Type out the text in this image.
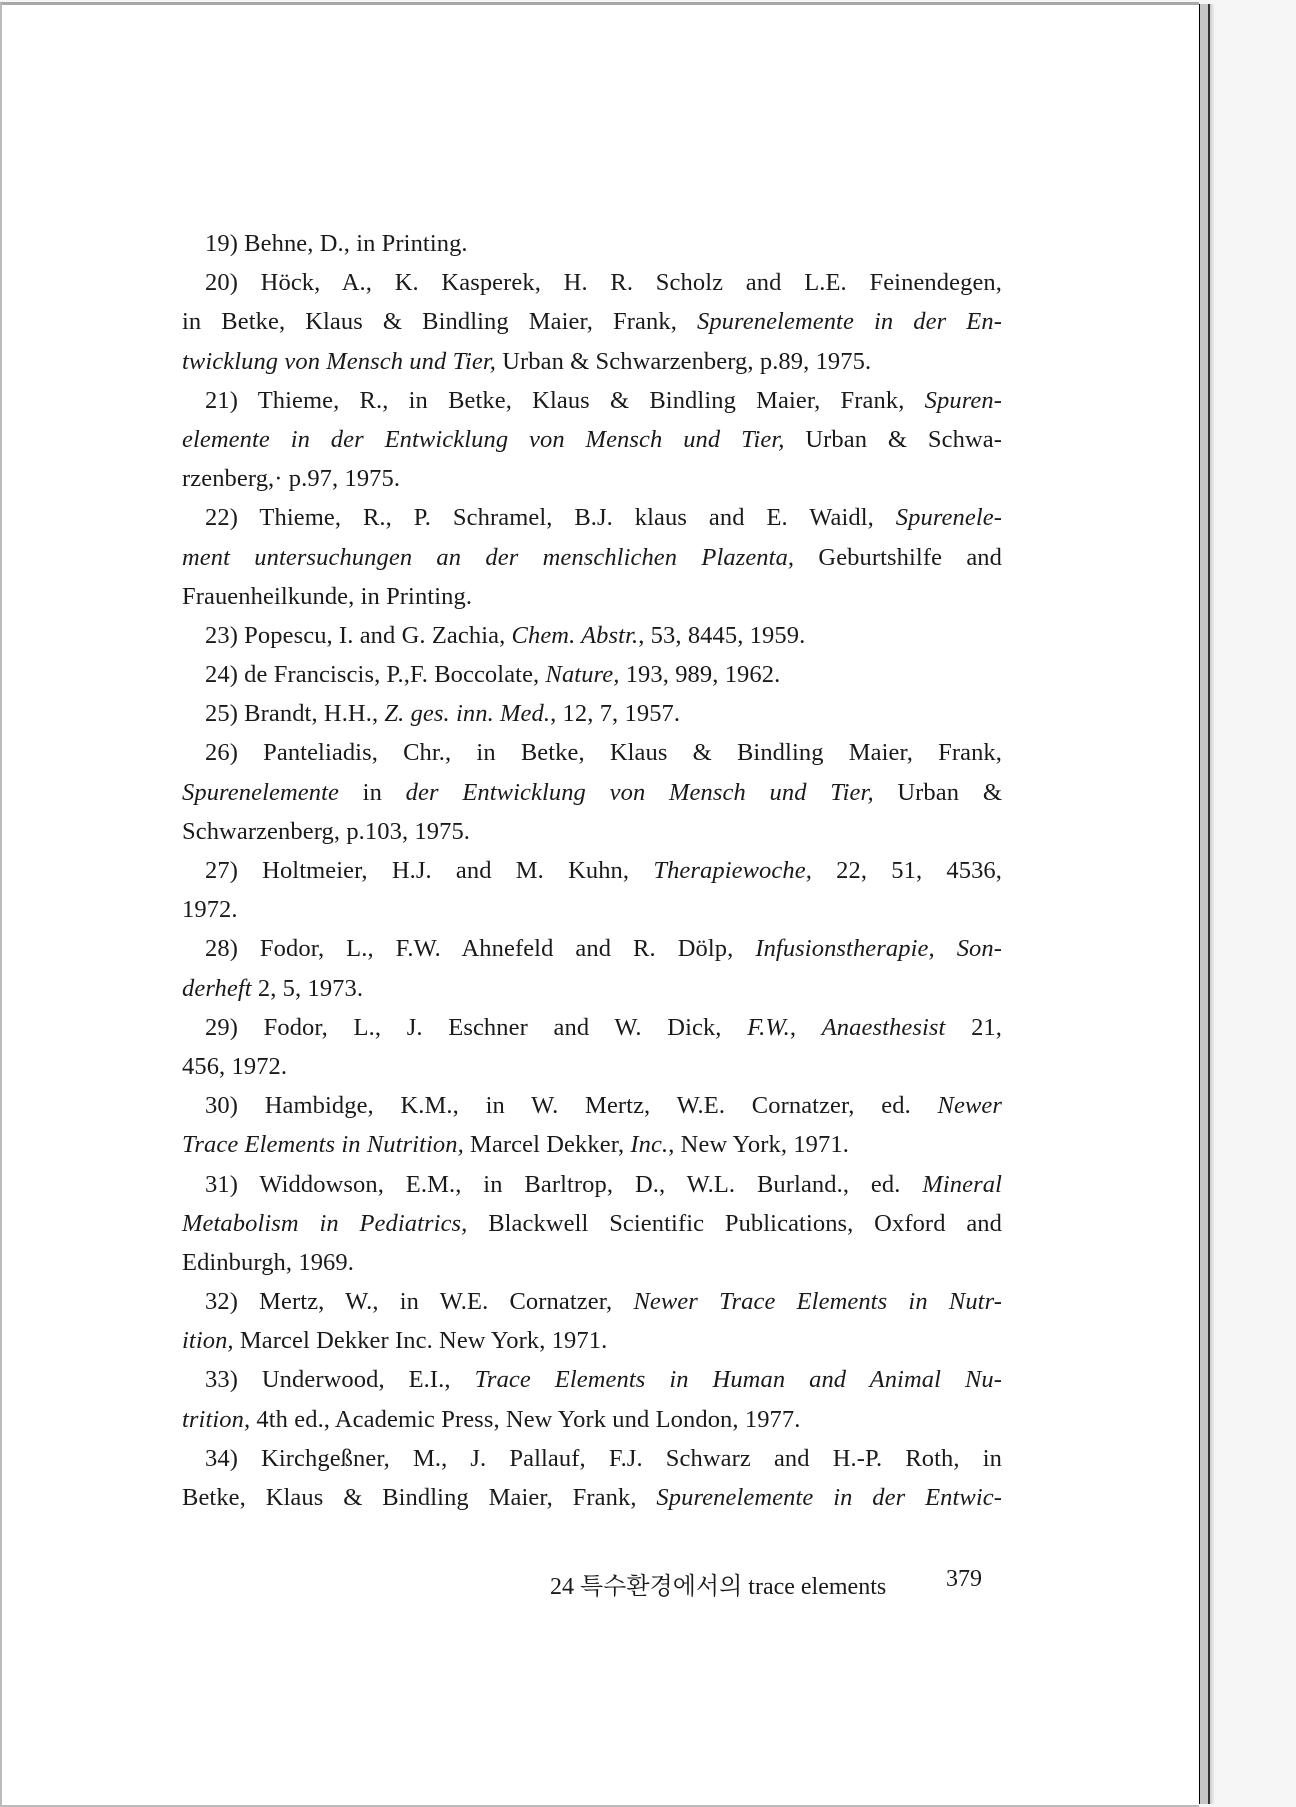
19) Behne, D., in Printing.
20) Höck, A., K. Kasperek, H. R. Scholz and L.E. Feinendegen,
in Betke, Klaus & Bindling Maier, Frank, Spurenelemente in der En-
twicklung von Mensch und Tier, Urban & Schwarzenberg, p.89, 1975.
21) Thieme, R., in Betke, Klaus & Bindling Maier, Frank, Spuren-
elemente in der Entwicklung von Mensch und Tier, Urban & Schwa-
rzenberg,· p.97, 1975.
22) Thieme, R., P. Schramel, B.J. klaus and E. Waidl, Spurenele-
ment untersuchungen an der menschlichen Plazenta, Geburtshilfe and
Frauenheilkunde, in Printing.
23) Popescu, I. and G. Zachia, Chem. Abstr., 53, 8445, 1959.
24) de Franciscis, P.,F. Boccolate, Nature, 193, 989, 1962.
25) Brandt, H.H., Z. ges. inn. Med., 12, 7, 1957.
26) Panteliadis, Chr., in Betke, Klaus & Bindling Maier, Frank,
Spurenelemente in der Entwicklung von Mensch und Tier, Urban &
Schwarzenberg, p.103, 1975.
27) Holtmeier, H.J. and M. Kuhn, Therapiewoche, 22, 51, 4536,
1972.
28) Fodor, L., F.W. Ahnefeld and R. Dölp, Infusionstherapie, Son-
derheft 2, 5, 1973.
29) Fodor, L., J. Eschner and W. Dick, F.W., Anaesthesist 21,
456, 1972.
30) Hambidge, K.M., in W. Mertz, W.E. Cornatzer, ed. Newer
Trace Elements in Nutrition, Marcel Dekker, Inc., New York, 1971.
31) Widdowson, E.M., in Barltrop, D., W.L. Burland., ed. Mineral
Metabolism in Pediatrics, Blackwell Scientific Publications, Oxford and
Edinburgh, 1969.
32) Mertz, W., in W.E. Cornatzer, Newer Trace Elements in Nutr-
ition, Marcel Dekker Inc. New York, 1971.
33) Underwood, E.I., Trace Elements in Human and Animal Nu-
trition, 4th ed., Academic Press, New York und London, 1977.
34) Kirchgeßner, M., J. Pallauf, F.J. Schwarz and H.-P. Roth, in
Betke, Klaus & Bindling Maier, Frank, Spurenelemente in der Entwic-
24 특수환경에서의 trace elements 379
